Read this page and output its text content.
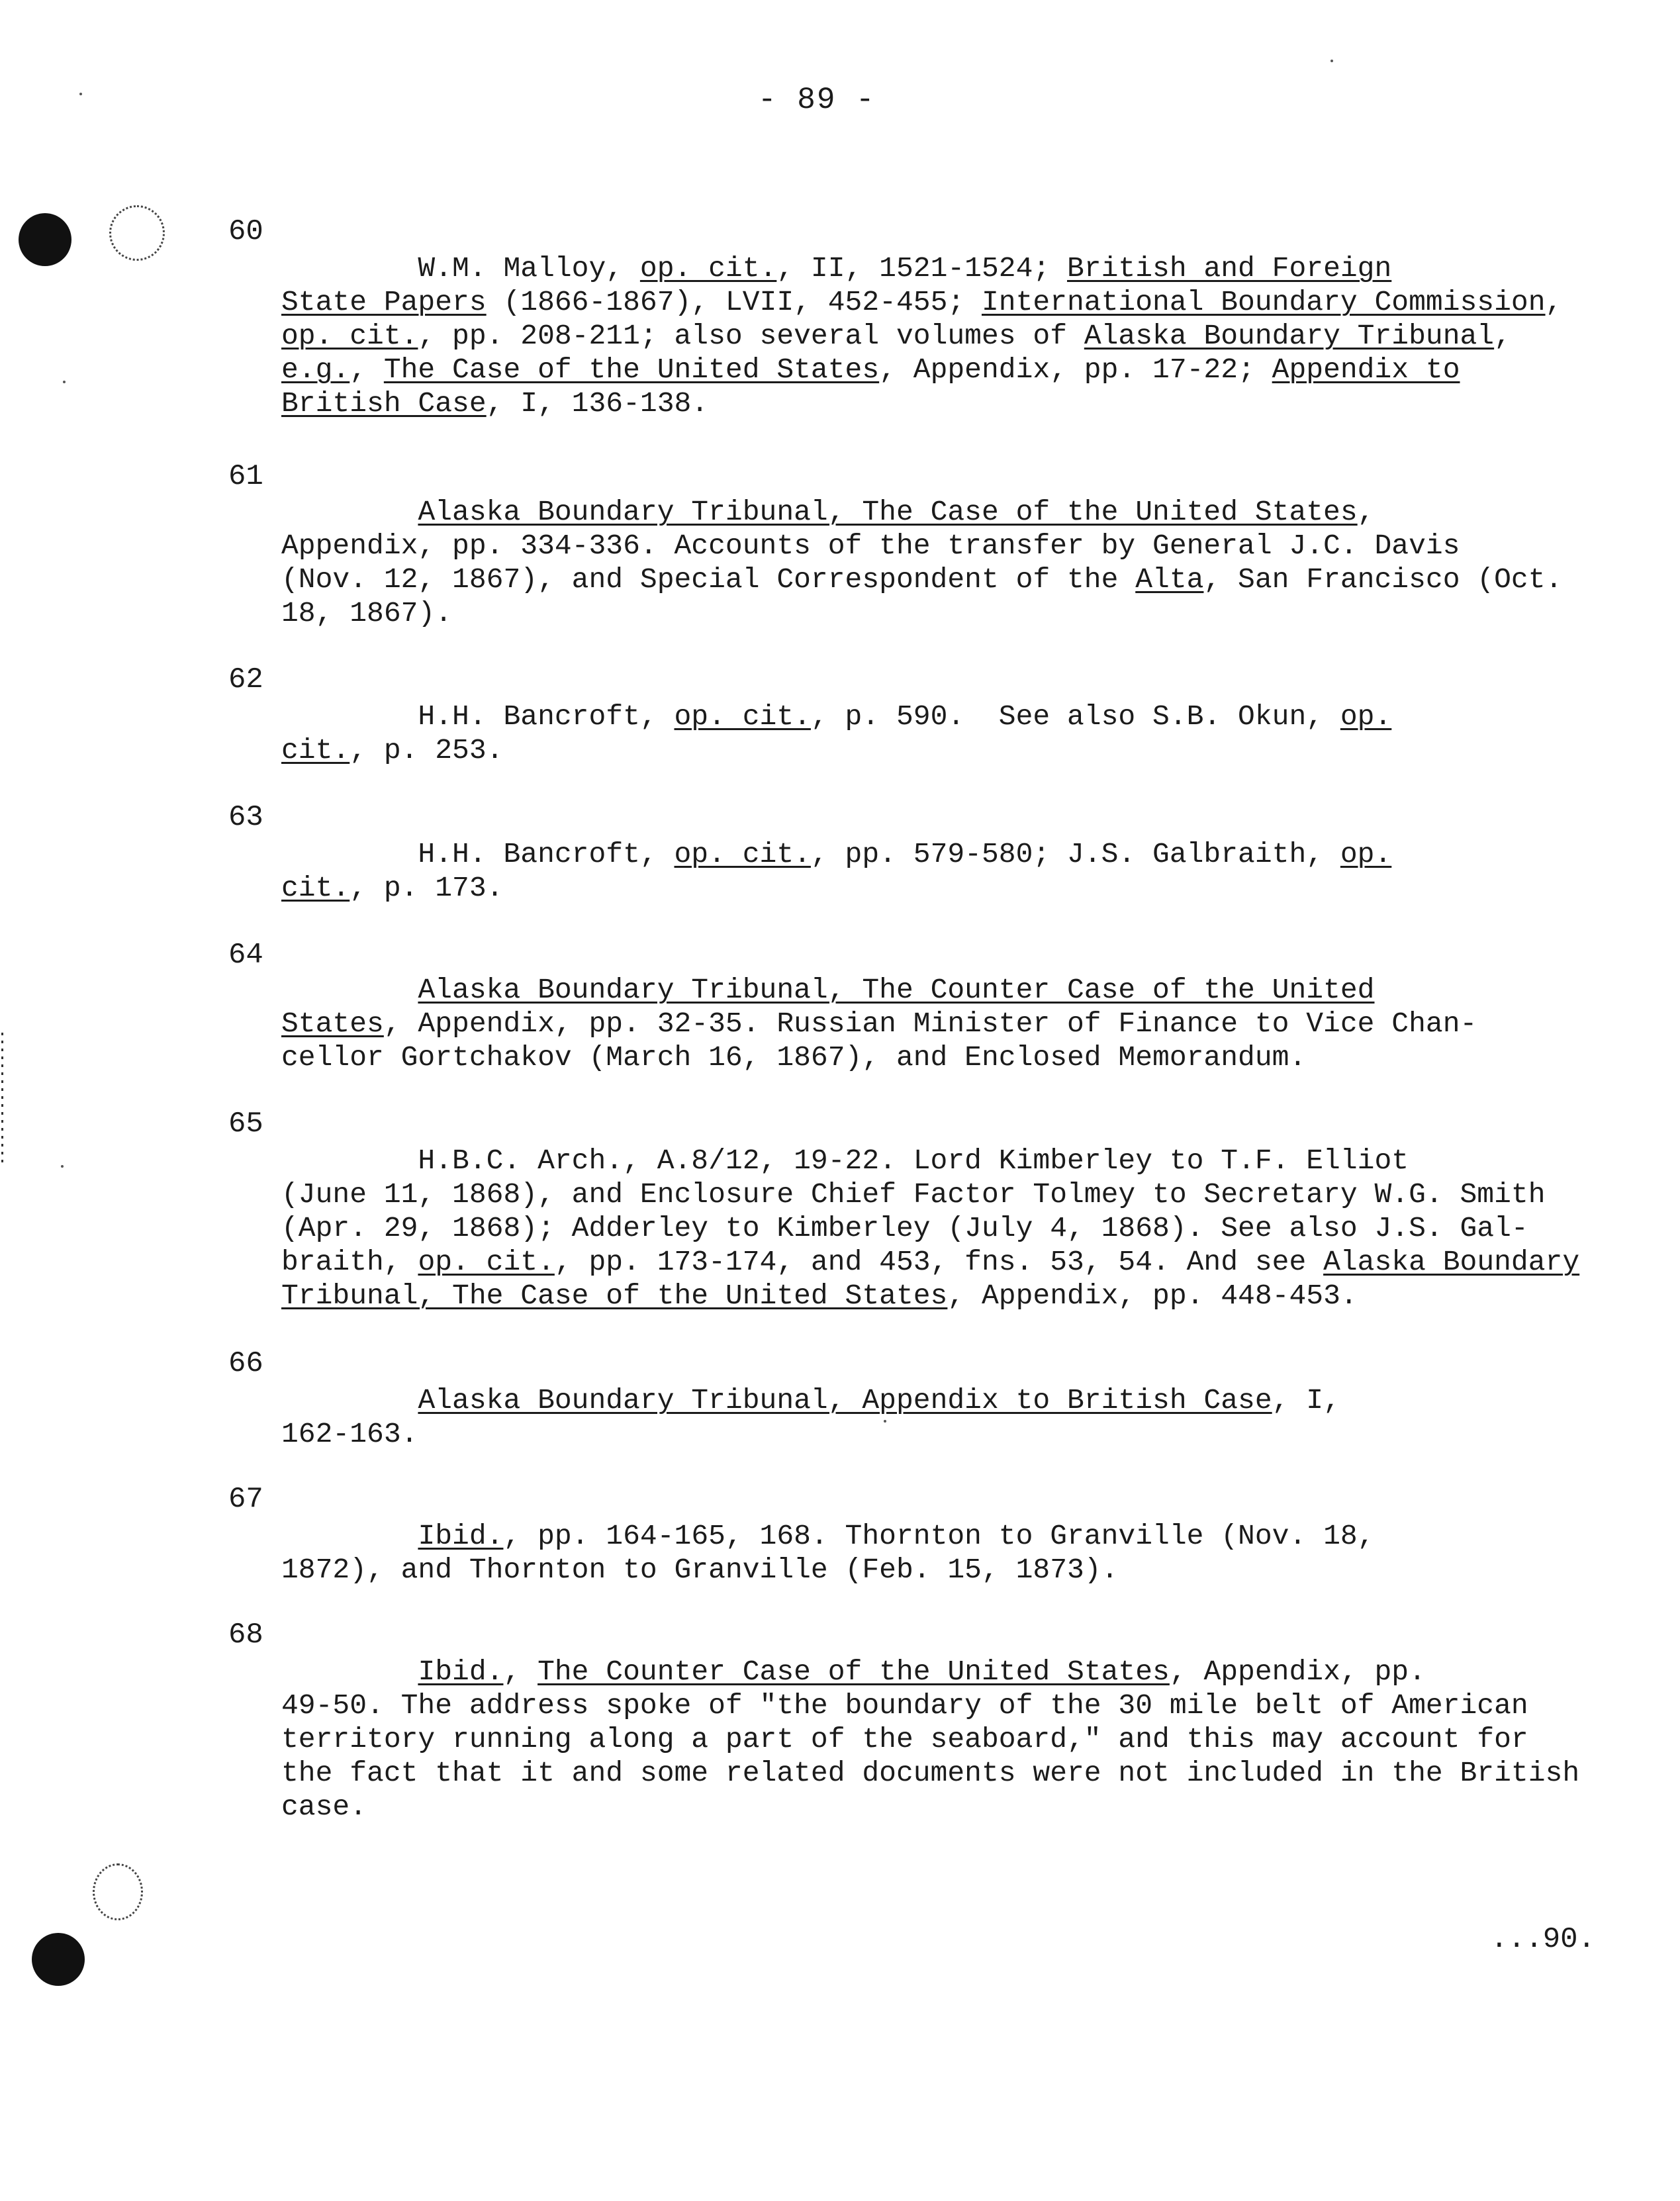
- 89 -
60

W.M. Malloy, op. cit., II, 1521-1524; British and Foreign

State Papers (1866-1867), LVII, 452-455; International Boundary Commission,

op. cit., pp. 208-211; also several volumes of Alaska Boundary Tribunal,

e.g., The Case of the United States, Appendix, pp. 17-22; Appendix to

British Case, I, 136-138.

61

Alaska Boundary Tribunal, The Case of the United States,

Appendix, pp. 334-336. Accounts of the transfer by General J.C. Davis

(Nov. 12, 1867), and Special Correspondent of the Alta, San Francisco (Oct.

18, 1867).

62

H.H. Bancroft, op. cit., p. 590.  See also S.B. Okun, op.

cit., p. 253.

63

H.H. Bancroft, op. cit., pp. 579-580; J.S. Galbraith, op.

cit., p. 173.

64

Alaska Boundary Tribunal, The Counter Case of the United

States, Appendix, pp. 32-35. Russian Minister of Finance to Vice Chan-

cellor Gortchakov (March 16, 1867), and Enclosed Memorandum.

65

H.B.C. Arch., A.8/12, 19-22. Lord Kimberley to T.F. Elliot

(June 11, 1868), and Enclosure Chief Factor Tolmey to Secretary W.G. Smith

(Apr. 29, 1868); Adderley to Kimberley (July 4, 1868). See also J.S. Gal-

braith, op. cit., pp. 173-174, and 453, fns. 53, 54. And see Alaska Boundary

Tribunal, The Case of the United States, Appendix, pp. 448-453.

66

Alaska Boundary Tribunal, Appendix to British Case, I,

162-163.

67

Ibid., pp. 164-165, 168. Thornton to Granville (Nov. 18,

1872), and Thornton to Granville (Feb. 15, 1873).

68

Ibid., The Counter Case of the United States, Appendix, pp.

49-50. The address spoke of "the boundary of the 30 mile belt of American

territory running along a part of the seaboard," and this may account for

the fact that it and some related documents were not included in the British

case.

...90.
